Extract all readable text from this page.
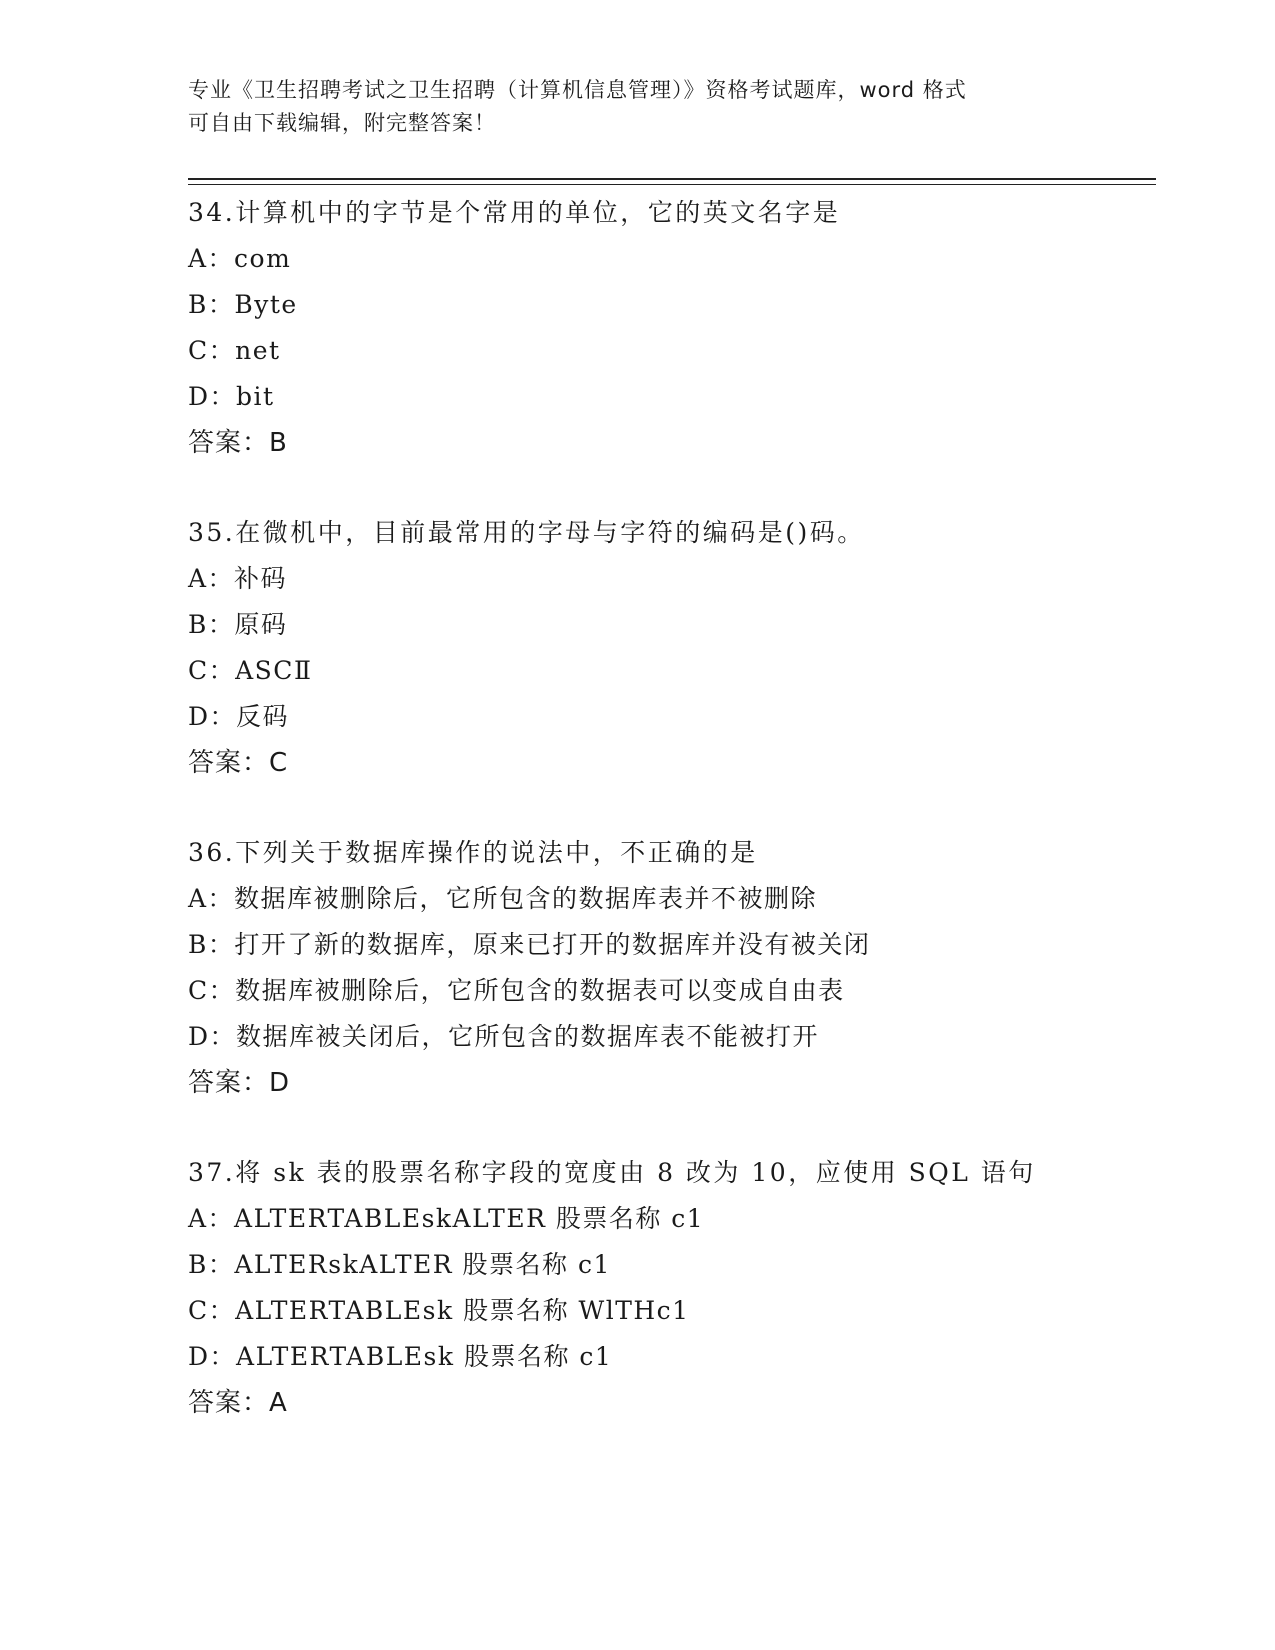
专业《卫生招聘考试之卫生招聘（计算机信息管理）》资格考试题库，word 格式
可自由下载编辑，附完整答案！
34.计算机中的字节是个常用的单位，它的英文名字是
A：com
B：Byte
C：net
D：bit
答案：B
35.在微机中，目前最常用的字母与字符的编码是()码。
A：补码
B：原码
C：ASCⅡ
D：反码
答案：C
36.下列关于数据库操作的说法中，不正确的是
A：数据库被删除后，它所包含的数据库表并不被删除
B：打开了新的数据库，原来已打开的数据库并没有被关闭
C：数据库被删除后，它所包含的数据表可以变成自由表
D：数据库被关闭后，它所包含的数据库表不能被打开
答案：D
37.将 sk 表的股票名称字段的宽度由 8 改为 10，应使用 SQL 语句
A：ALTERTABLEskALTER 股票名称 c1
B：ALTERskALTER 股票名称 c1
C：ALTERTABLEsk 股票名称 WlTHc1
D：ALTERTABLEsk 股票名称 c1
答案：A
